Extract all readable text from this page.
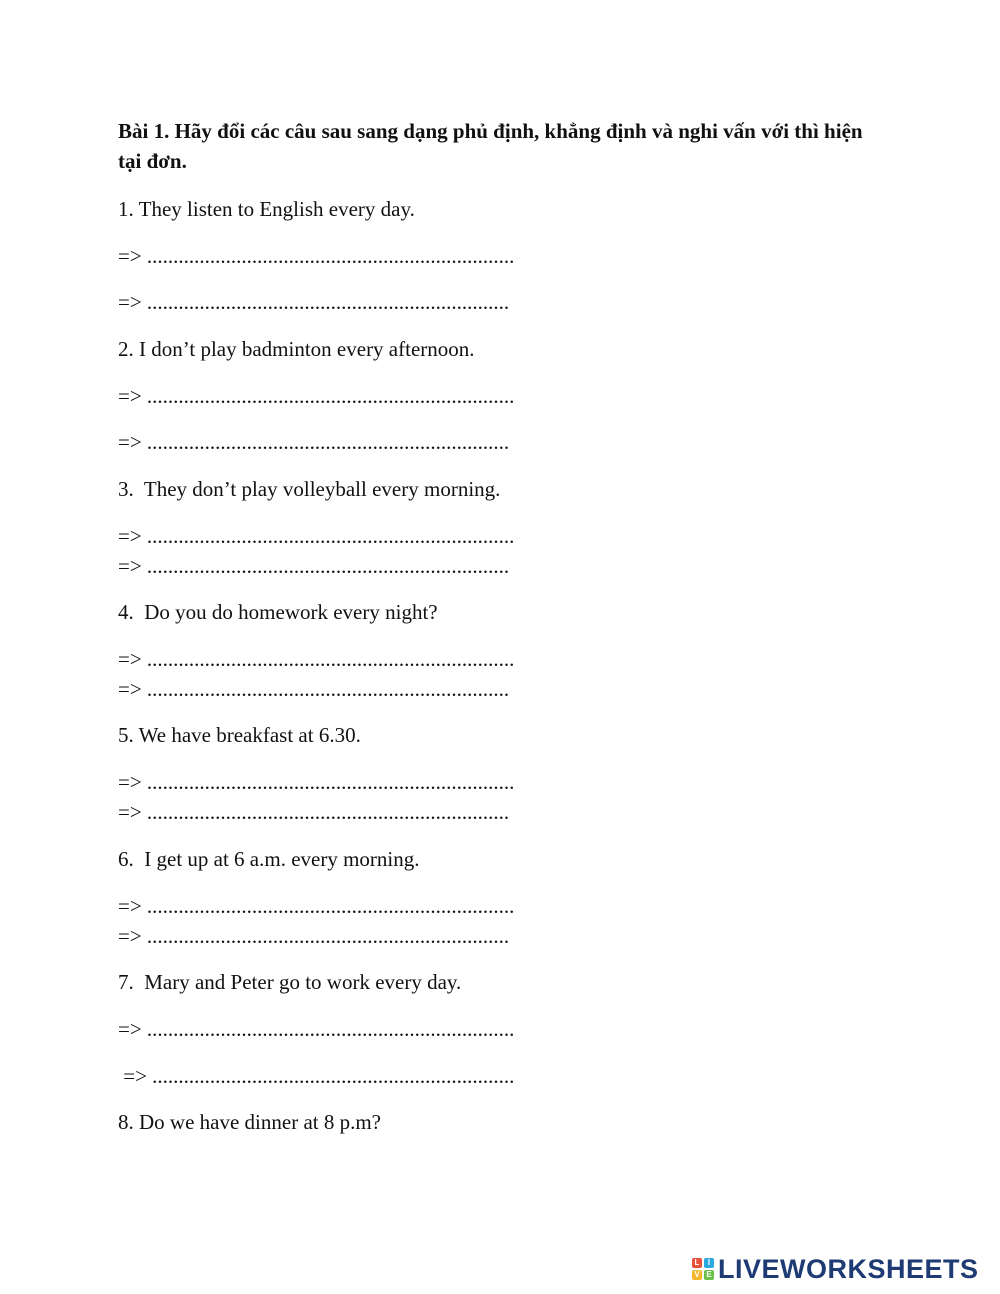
Bài 1. Hãy đổi các câu sau sang dạng phủ định, khẳng định và nghi vấn với thì hiện tại đơn.
1. They listen to English every day.
=> ......................................................................
=> .....................................................................
2. I don’t play badminton every afternoon.
=> ......................................................................
=> .....................................................................
3.  They don’t play volleyball every morning.
=> ......................................................................
=> .....................................................................
4.  Do you do homework every night?
=> ......................................................................
=> .....................................................................
5. We have breakfast at 6.30.
=> ......................................................................
=> .....................................................................
6.  I get up at 6 a.m. every morning.
=> ......................................................................
=> .....................................................................
7.  Mary and Peter go to work every day.
=> ......................................................................
=> .....................................................................
8. Do we have dinner at 8 p.m?
L	I
V E LIVEWORKSHEETS
